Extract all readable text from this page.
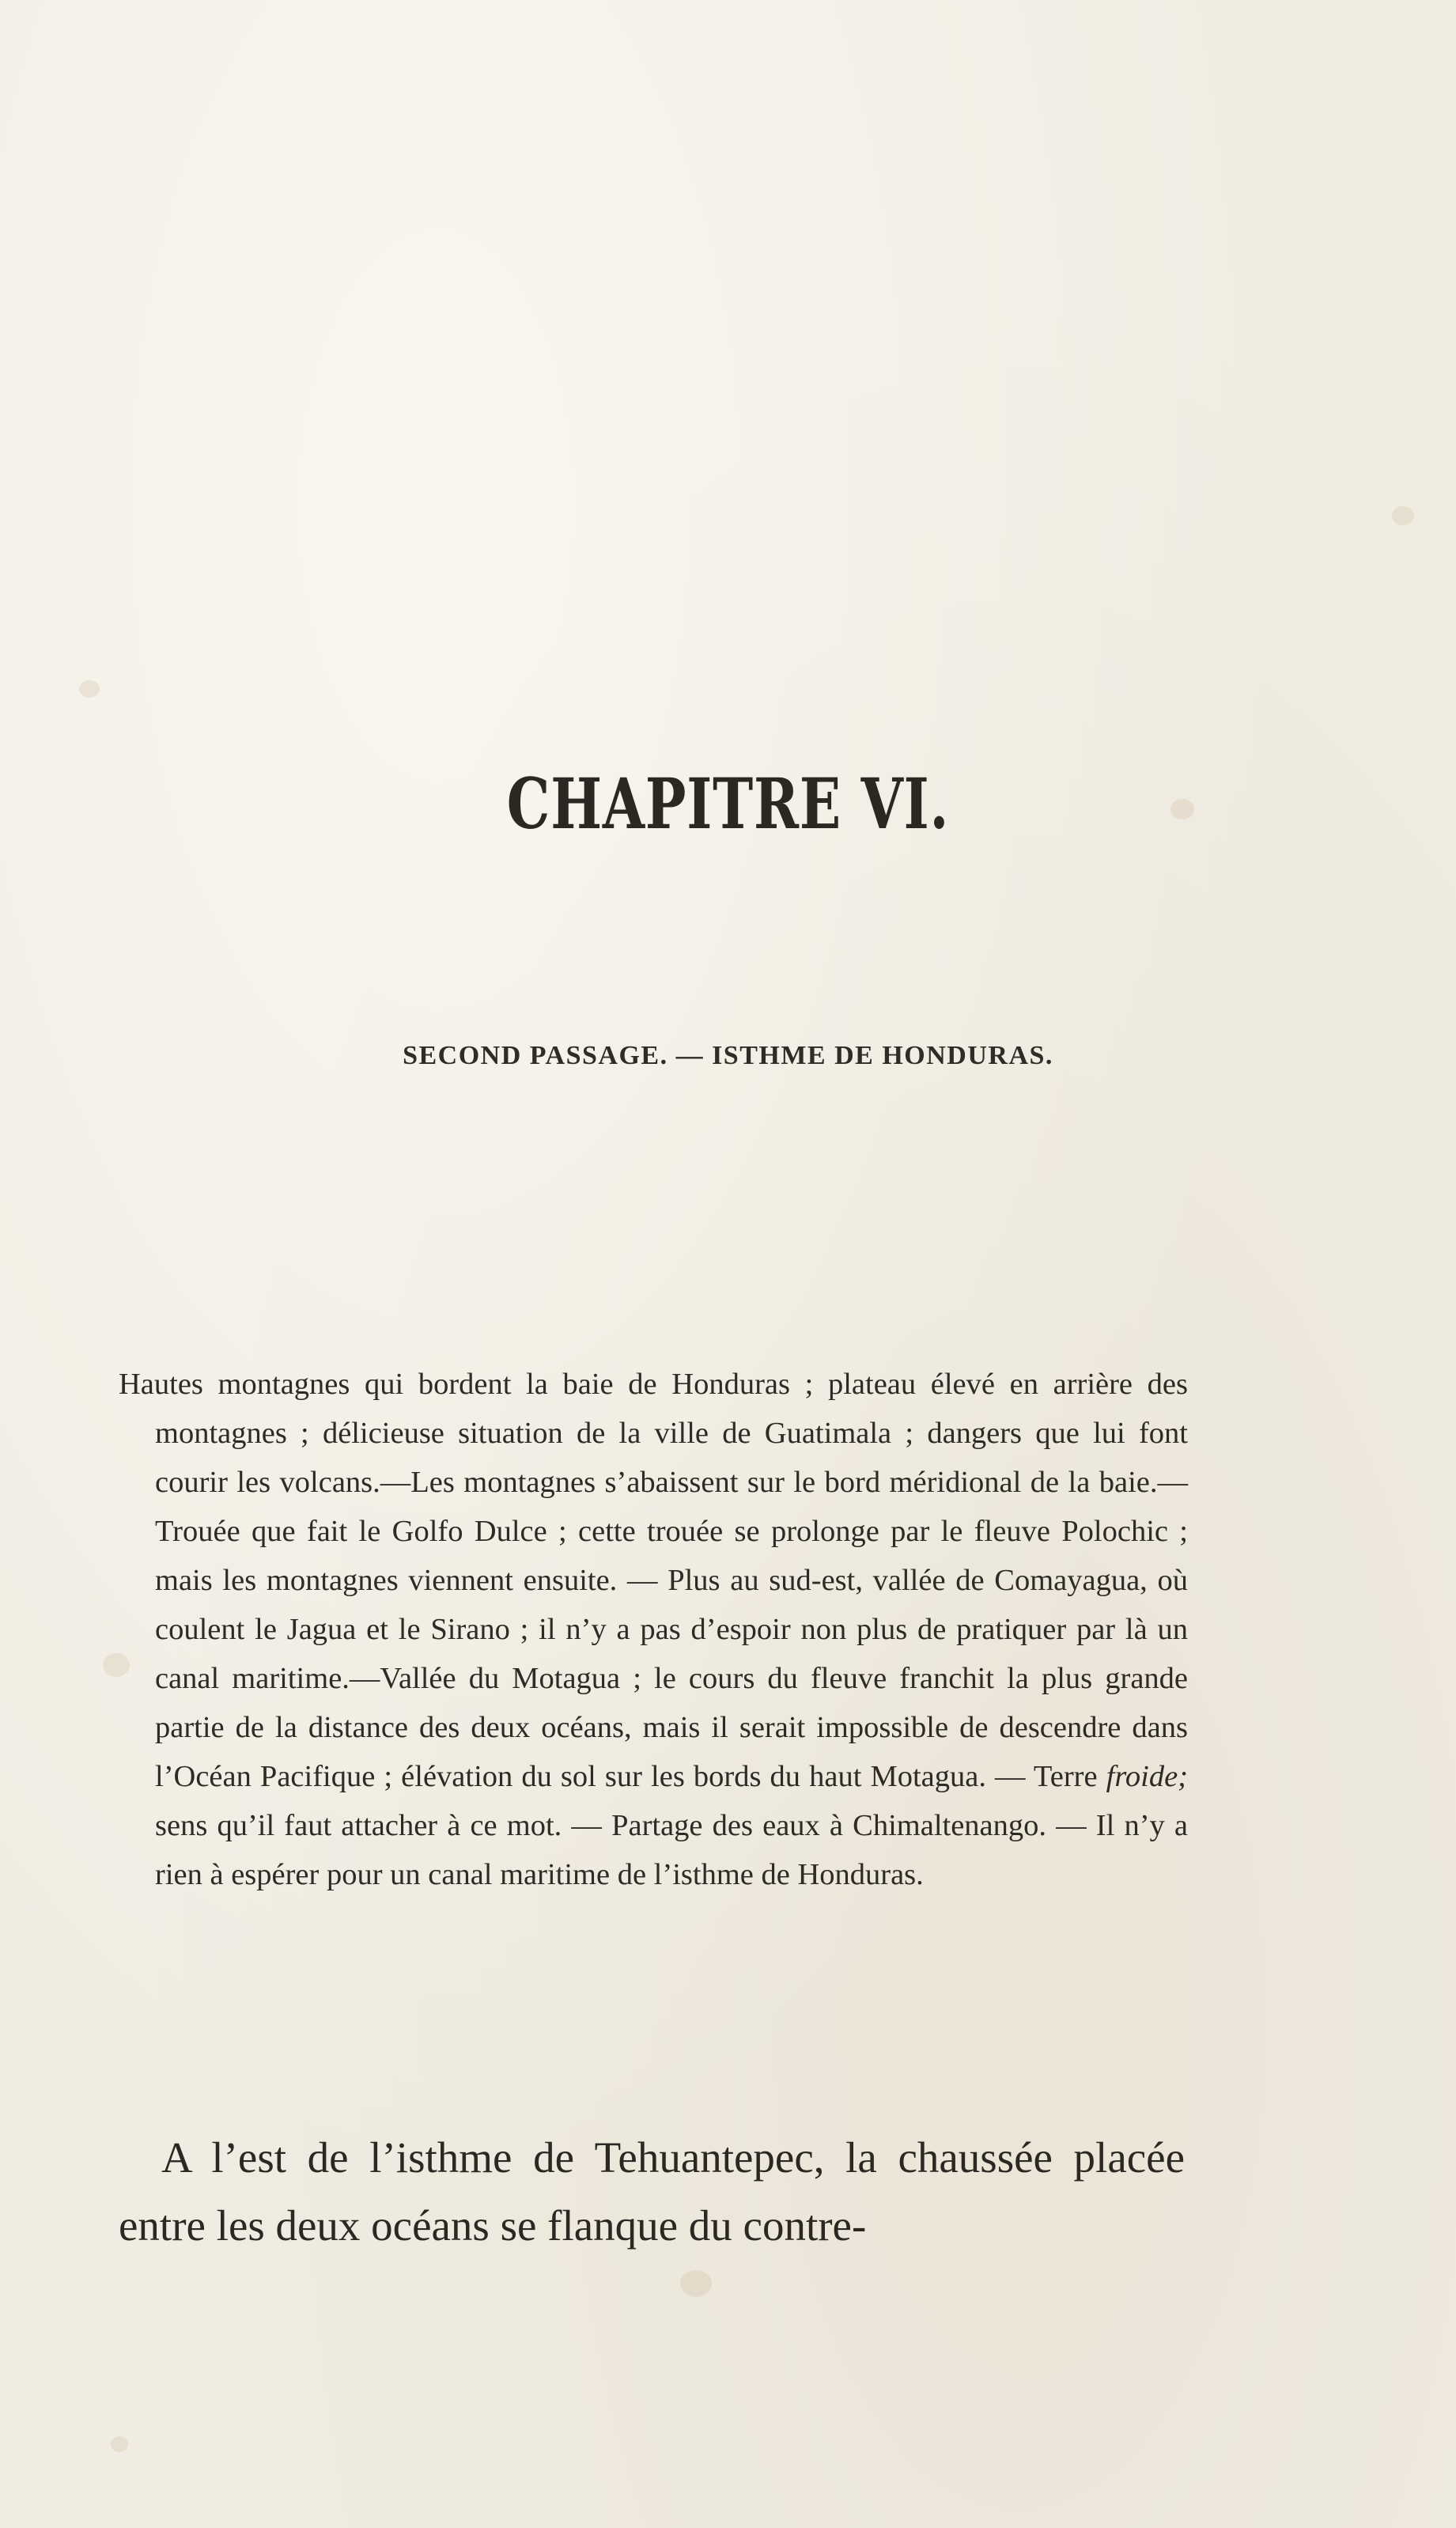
CHAPITRE VI.
SECOND PASSAGE. — ISTHME DE HONDURAS.

Hautes montagnes qui bordent la baie de Honduras ; plateau élevé en arrière des montagnes ; délicieuse situation de la ville de Guatimala ; dangers que lui font courir les volcans.—Les montagnes s’abaissent sur le bord méridional de la baie.—Trouée que fait le Golfo Dulce ; cette trouée se prolonge par le fleuve Polochic ; mais les montagnes viennent ensuite. — Plus au sud-est, vallée de Comayagua, où coulent le Jagua et le Sirano ; il n’y a pas d’espoir non plus de pratiquer par là un canal maritime.—Vallée du Motagua ; le cours du fleuve franchit la plus grande partie de la distance des deux océans, mais il serait impossible de descendre dans l’Océan Pacifique ; élévation du sol sur les bords du haut Motagua. — Terre froide; sens qu’il faut attacher à ce mot. — Partage des eaux à Chimaltenango. — Il n’y a rien à espérer pour un canal maritime de l’isthme de Honduras.

A l’est de l’isthme de Tehuantepec, la chaussée placée entre les deux océans se flanque du contre-
